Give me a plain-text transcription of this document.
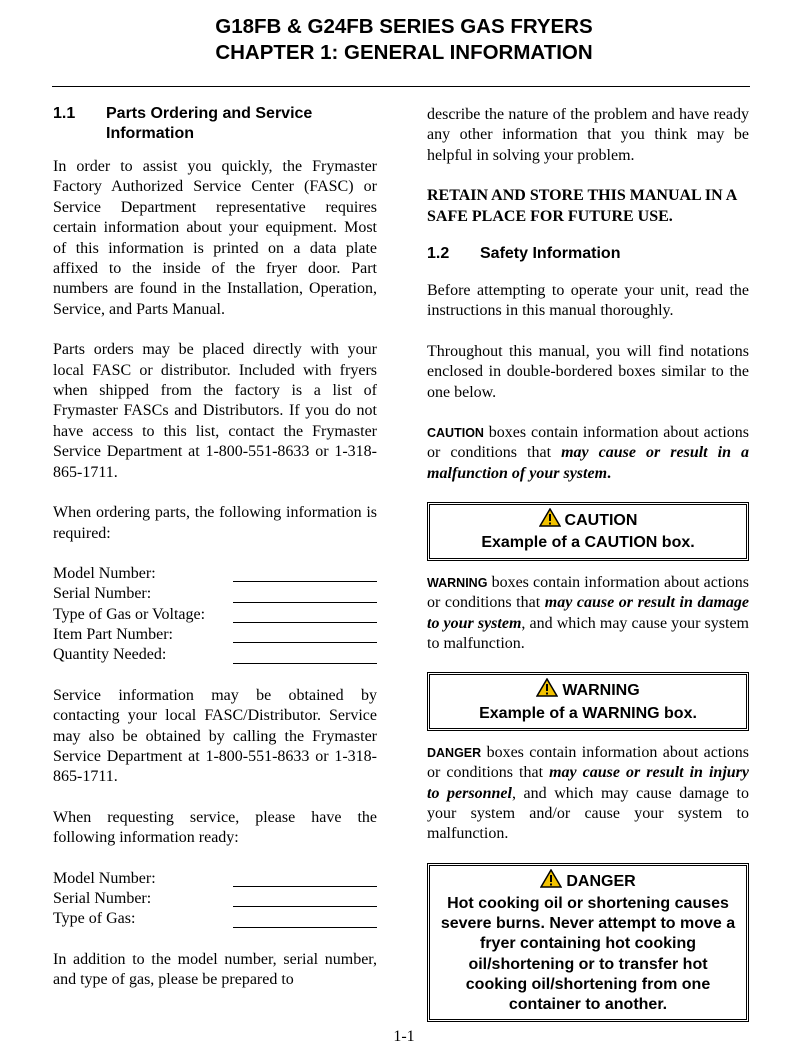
G18FB & G24FB SERIES GAS FRYERS
CHAPTER 1: GENERAL INFORMATION
1.1	Parts Ordering and Service Information

In order to assist you quickly, the Frymaster Factory Authorized Service Center (FASC) or Service Department representative requires certain information about your equipment. Most of this information is printed on a data plate affixed to the inside of the fryer door. Part numbers are found in the Installation, Operation, Service, and Parts Manual.

Parts orders may be placed directly with your local FASC or distributor. Included with fryers when shipped from the factory is a list of Frymaster FASCs and Distributors. If you do not have access to this list, contact the Frymaster Service Department at 1-800-551-8633 or 1-318-865-1711.

When ordering parts, the following information is required:

Model Number:
Serial Number:
Type of Gas or Voltage:
Item Part Number:
Quantity Needed:

Service information may be obtained by contacting your local FASC/Distributor. Service may also be obtained by calling the Frymaster Service Department at 1-800-551-8633 or 1-318-865-1711.

When requesting service, please have the following information ready:

Model Number:
Serial Number:
Type of Gas:

In addition to the model number, serial number, and type of gas, please be prepared to

describe the nature of the problem and have ready any other information that you think may be helpful in solving your problem.

RETAIN AND STORE THIS MANUAL IN A SAFE PLACE FOR FUTURE USE.

1.2	Safety Information

Before attempting to operate your unit, read the instructions in this manual thoroughly.

Throughout this manual, you will find notations enclosed in double-bordered boxes similar to the one below.

CAUTION boxes contain information about actions or conditions that may cause or result in a malfunction of your system.

CAUTION
Example of a CAUTION box.

WARNING boxes contain information about actions or conditions that may cause or result in damage to your system, and which may cause your system to malfunction.

WARNING
Example of a WARNING box.

DANGER boxes contain information about actions or conditions that may cause or result in injury to personnel, and which may cause damage to your system and/or cause your system to malfunction.

DANGER
Hot cooking oil or shortening causes severe burns. Never attempt to move a fryer containing hot cooking oil/shortening or to transfer hot cooking oil/shortening from one container to another.
1-1
